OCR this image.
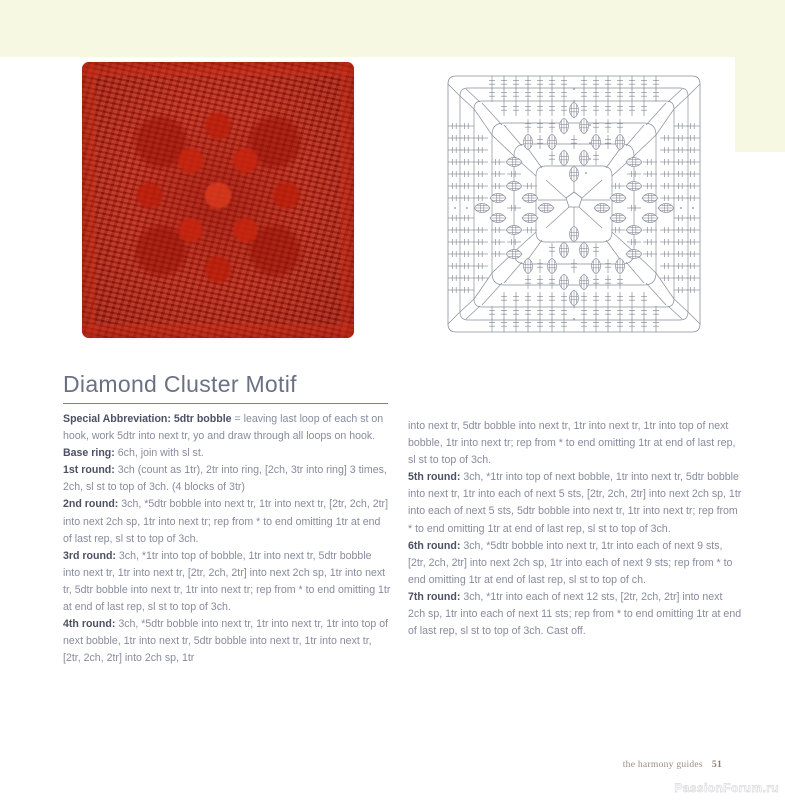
Diamond Cluster Motif

Special Abbreviation: 5dtr bobble = leaving last loop of each st on hook, work 5dtr into next tr, yo and draw through all loops on hook.

Base ring: 6ch, join with sl st.

1st round: 3ch (count as 1tr), 2tr into ring, [2ch, 3tr into ring] 3 times, 2ch, sl st to top of 3ch. (4 blocks of 3tr)

2nd round: 3ch, *5dtr bobble into next tr, 1tr into next tr, [2tr, 2ch, 2tr] into next 2ch sp, 1tr into next tr; rep from * to end omitting 1tr at end of last rep, sl st to top of 3ch.

3rd round: 3ch, *1tr into top of bobble, 1tr into next tr, 5dtr bobble into next tr, 1tr into next tr, [2tr, 2ch, 2tr] into next 2ch sp, 1tr into next tr, 5dtr bobble into next tr, 1tr into next tr; rep from * to end omitting 1tr at end of last rep, sl st to top of 3ch.

4th round: 3ch, *5dtr bobble into next tr, 1tr into next tr, 1tr into top of next bobble, 1tr into next tr, 5dtr bobble into next tr, 1tr into next tr, [2tr, 2ch, 2tr] into 2ch sp, 1tr

into next tr, 5dtr bobble into next tr, 1tr into next tr, 1tr into top of next bobble, 1tr into next tr; rep from * to end omitting 1tr at end of last rep, sl st to top of 3ch.

5th round: 3ch, *1tr into top of next bobble, 1tr into next tr, 5dtr bobble into next tr, 1tr into each of next 5 sts, [2tr, 2ch, 2tr] into next 2ch sp, 1tr into each of next 5 sts, 5dtr bobble into next tr, 1tr into next tr; rep from * to end omitting 1tr at end of last rep, sl st to top of 3ch.

6th round: 3ch, *5dtr bobble into next tr, 1tr into each of next 9 sts, [2tr, 2ch, 2tr] into next 2ch sp, 1tr into each of next 9 sts; rep from * to end omitting 1tr at end of last rep, sl st to top of ch.

7th round: 3ch, *1tr into each of next 12 sts, [2tr, 2ch, 2tr] into next 2ch sp, 1tr into each of next 11 sts; rep from * to end omitting 1tr at end of last rep, sl st to top of 3ch. Cast off.

the harmony guides 51
PassionForum.ru
